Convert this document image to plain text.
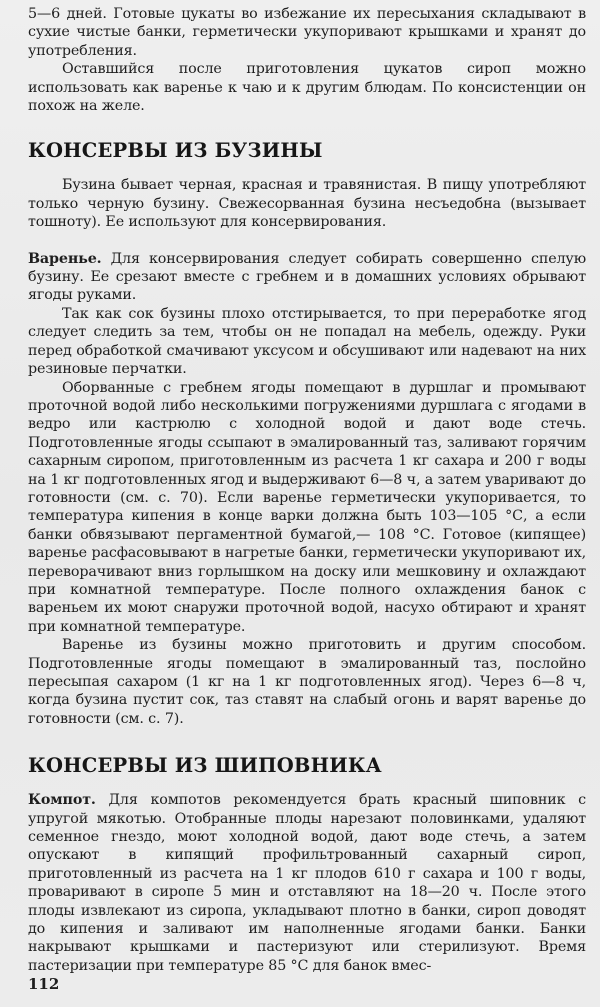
5—6 дней. Готовые цукаты во избежание их пересыхания складывают в сухие чистые банки, герметически укупоривают крышками и хранят до употребления.

Оставшийся после приготовления цукатов сироп можно использовать как варенье к чаю и к другим блюдам. По консистенции он похож на желе.

КОНСЕРВЫ ИЗ БУЗИНЫ

Бузина бывает черная, красная и травянистая. В пищу употребляют только черную бузину. Свежесорванная бузина несъедобна (вызывает тошноту). Ее используют для консервирования.

Варенье. Для консервирования следует собирать совершенно спелую бузину. Ее срезают вместе с гребнем и в домашних условиях обрывают ягоды руками.

Так как сок бузины плохо отстирывается, то при переработке ягод следует следить за тем, чтобы он не попадал на мебель, одежду. Руки перед обработкой смачивают уксусом и обсушивают или надевают на них резиновые перчатки.

Оборванные с гребнем ягоды помещают в дуршлаг и промывают проточной водой либо несколькими погружениями дуршлага с ягодами в ведро или кастрюлю с холодной водой и дают воде стечь. Подготовленные ягоды ссыпают в эмалированный таз, заливают горячим сахарным сиропом, приготовленным из расчета 1 кг сахара и 200 г воды на 1 кг подготовленных ягод и выдерживают 6—8 ч, а затем уваривают до готовности (см. с. 70). Если варенье герметически укупоривается, то температура кипения в конце варки должна быть 103—105 °С, а если банки обвязывают пергаментной бумагой,— 108 °С. Готовое (кипящее) варенье расфасовывают в нагретые банки, герметически укупоривают их, переворачивают вниз горлышком на доску или мешковину и охлаждают при комнатной температуре. После полного охлаждения банок с вареньем их моют снаружи проточной водой, насухо обтирают и хранят при комнатной температуре.

Варенье из бузины можно приготовить и другим способом. Подготовленные ягоды помещают в эмалированный таз, послойно пересыпая сахаром (1 кг на 1 кг подготовленных ягод). Через 6—8 ч, когда бузина пустит сок, таз ставят на слабый огонь и варят варенье до готовности (см. с. 7).

КОНСЕРВЫ ИЗ ШИПОВНИКА

Компот. Для компотов рекомендуется брать красный шиповник с упругой мякотью. Отобранные плоды нарезают половинками, удаляют семенное гнездо, моют холодной водой, дают воде стечь, а затем опускают в кипящий профильтрованный сахарный сироп, приготовленный из расчета на 1 кг плодов 610 г сахара и 100 г воды, проваривают в сиропе 5 мин и отставляют на 18—20 ч. После этого плоды извлекают из сиропа, укладывают плотно в банки, сироп доводят до кипения и заливают им наполненные ягодами банки. Банки накрывают крышками и пастеризуют или стерилизуют. Время пастеризации при температуре 85 °С для банок вмес-

112
